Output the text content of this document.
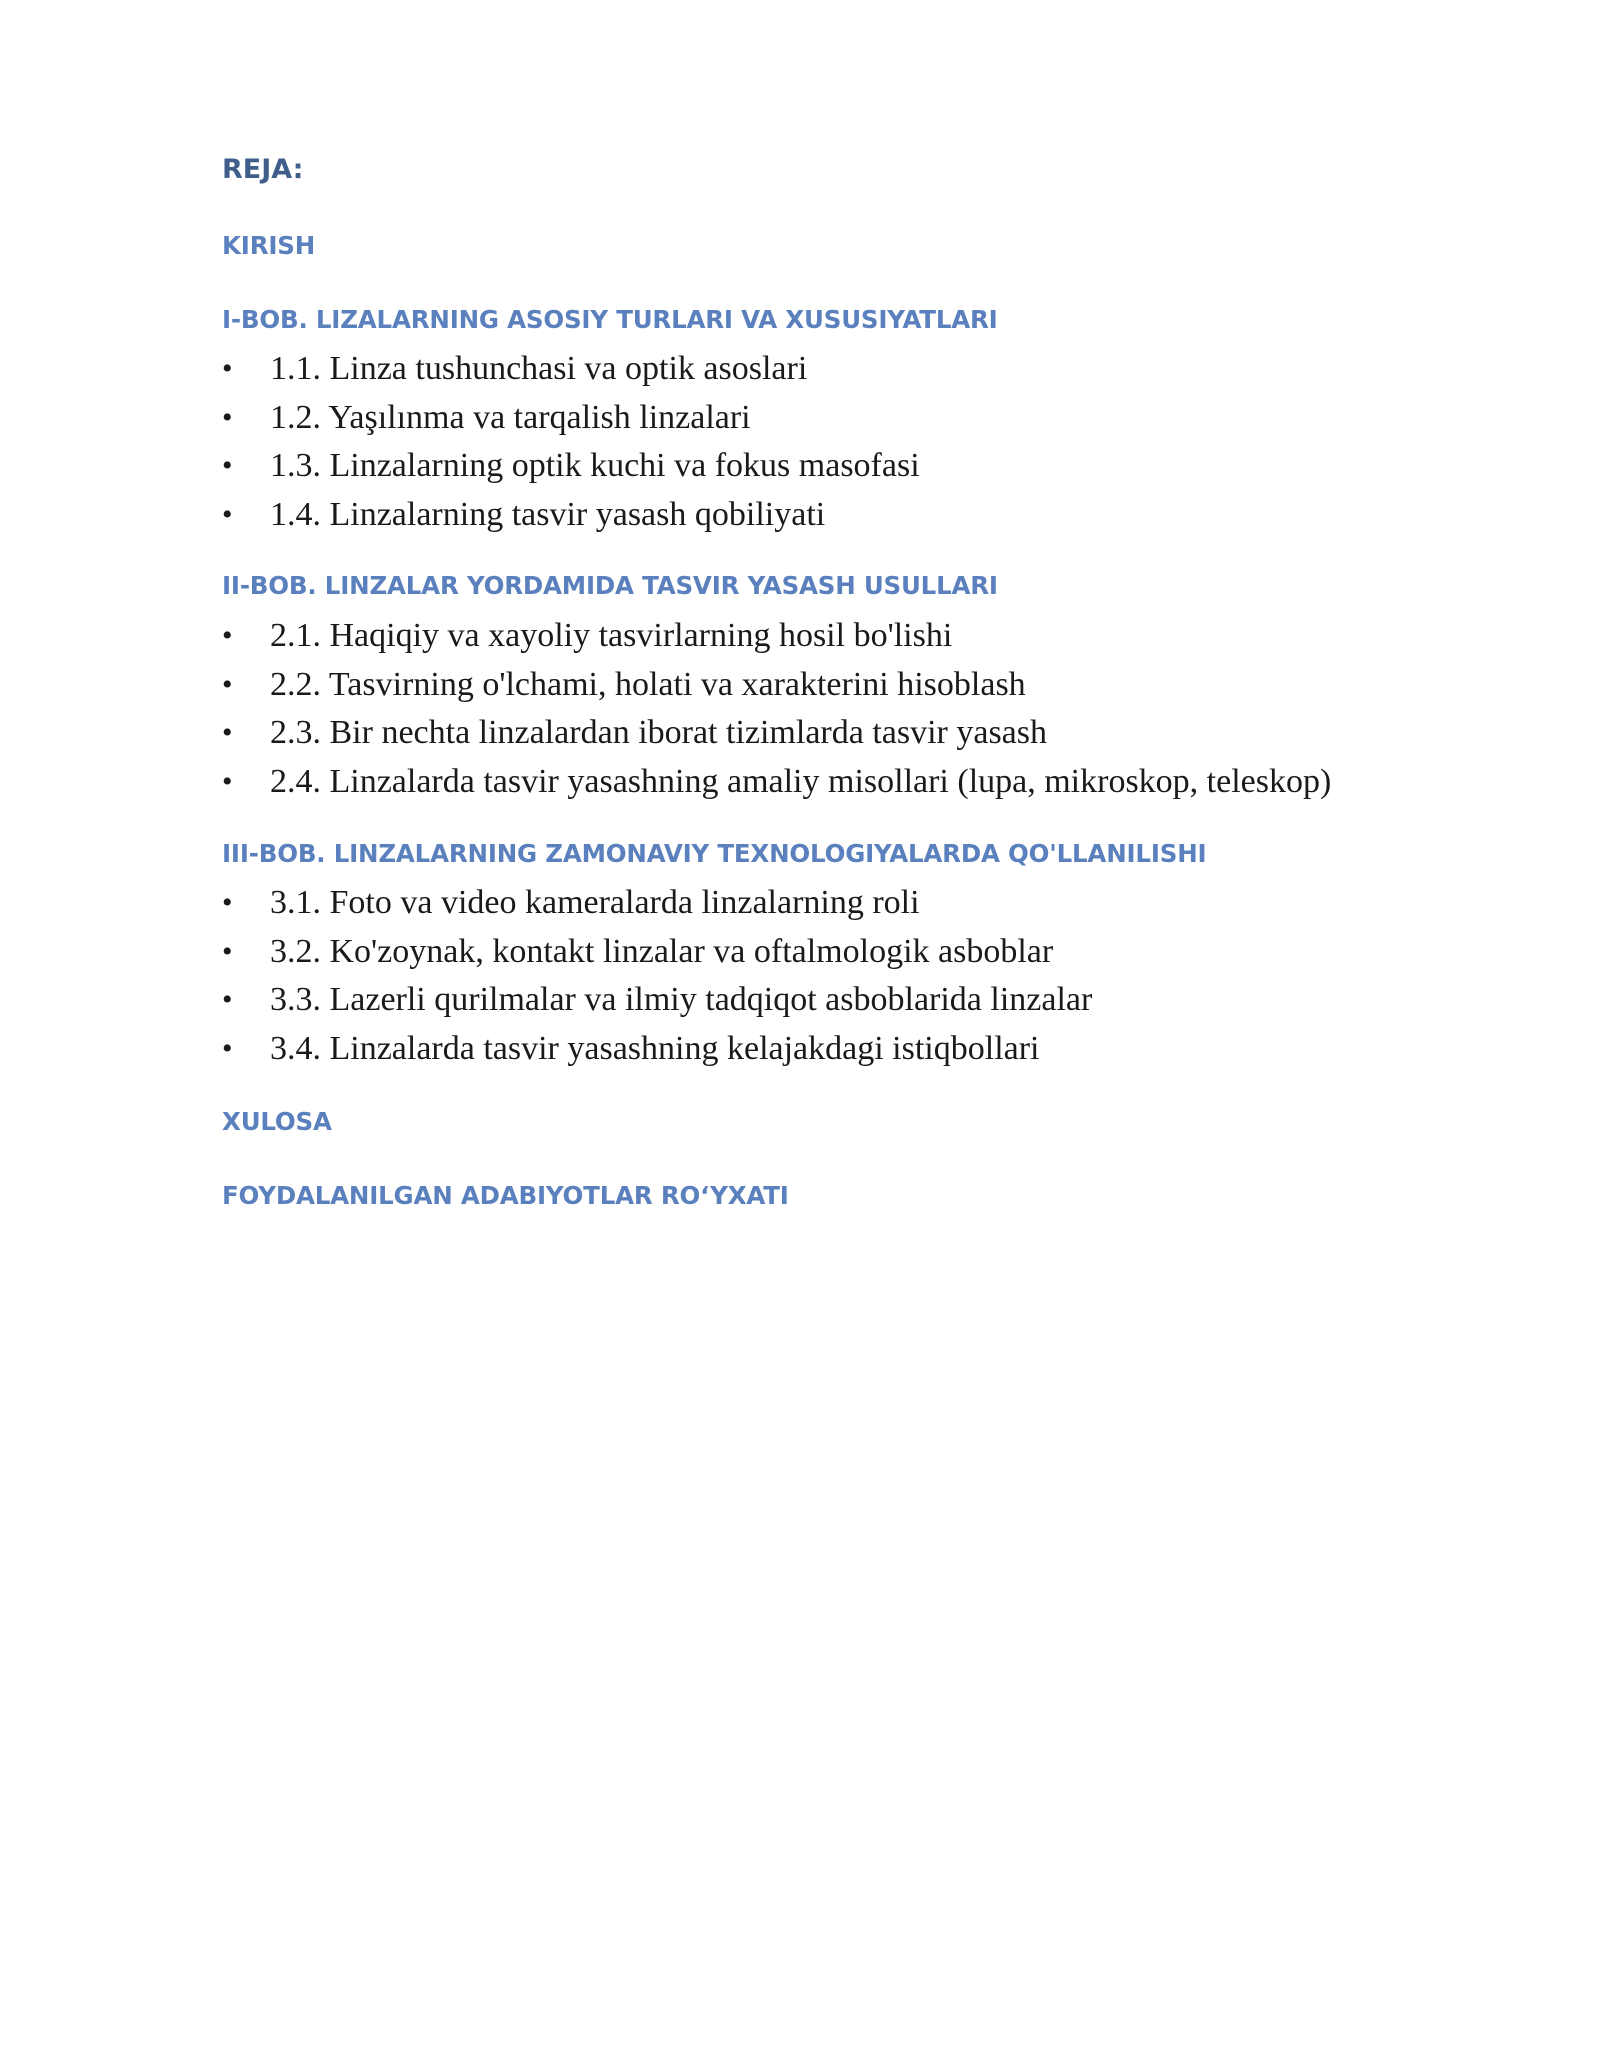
REJA:
KIRISH
I-BOB. LIZALARNING ASOSIY TURLARI VA XUSUSIYATLARI
• 1.1. Linza tushunchasi va optik asoslari
• 1.2. Yaşılınma va tarqalish linzalari
• 1.3. Linzalarning optik kuchi va fokus masofasi
• 1.4. Linzalarning tasvir yasash qobiliyati
II-BOB. LINZALAR YORDAMIDA TASVIR YASASH USULLARI
• 2.1. Haqiqiy va xayoliy tasvirlarning hosil bo'lishi
• 2.2. Tasvirning o'lchami, holati va xarakterini hisoblash
• 2.3. Bir nechta linzalardan iborat tizimlarda tasvir yasash
• 2.4. Linzalarda tasvir yasashning amaliy misollari (lupa, mikroskop, teleskop)
III-BOB. LINZALARNING ZAMONAVIY TEXNOLOGIYALARDA QO'LLANILISHI
• 3.1. Foto va video kameralarda linzalarning roli
• 3.2. Ko'zoynak, kontakt linzalar va oftalmologik asboblar
• 3.3. Lazerli qurilmalar va ilmiy tadqiqot asboblarida linzalar
• 3.4. Linzalarda tasvir yasashning kelajakdagi istiqbollari
XULOSA
FOYDALANILGAN ADABIYOTLAR RO‘YXATI
